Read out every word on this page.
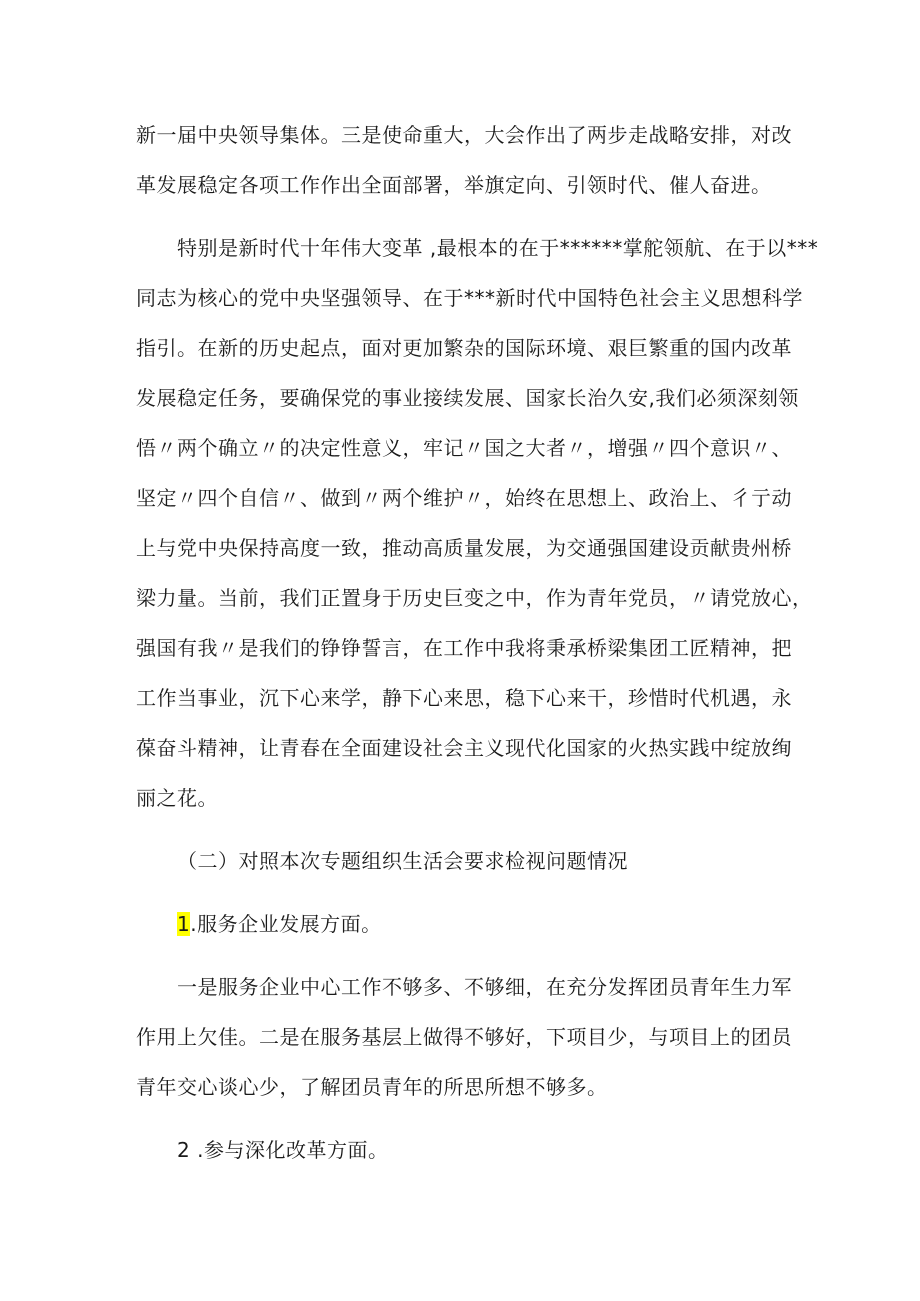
新一届中央领导集体。三是使命重大，大会作出了两步走战略安排，对改

革发展稳定各项工作作出全面部署，举旗定向、引领时代、催人奋进。

特别是新时代十年伟大变革 ,最根本的在于******掌舵领航、在于以***

同志为核心的党中央坚强领导、在于***新时代中国特色社会主义思想科学

指引。在新的历史起点，面对更加繁杂的国际环境、艰巨繁重的国内改革

发展稳定任务，要确保党的事业接续发展、国家长治久安,我们必须深刻领

悟〃两个确立〃的决定性意义，牢记〃国之大者〃，增强〃四个意识〃、

坚定〃四个自信〃、做到〃两个维护〃，始终在思想上、政治上、彳亍动

上与党中央保持高度一致，推动高质量发展，为交通强国建设贡献贵州桥

梁力量。当前，我们正置身于历史巨变之中，作为青年党员，〃请党放心，

强国有我〃是我们的铮铮誓言，在工作中我将秉承桥梁集团工匠精神，把

工作当事业，沉下心来学，静下心来思，稳下心来干，珍惜时代机遇，永

葆奋斗精神，让青春在全面建设社会主义现代化国家的火热实践中绽放绚

丽之花。

（二）对照本次专题组织生活会要求检视问题情况

1.服务企业发展方面。

一是服务企业中心工作不够多、不够细，在充分发挥团员青年生力军

作用上欠佳。二是在服务基层上做得不够好，下项目少，与项目上的团员

青年交心谈心少，了解团员青年的所思所想不够多。

2 .参与深化改革方面。
